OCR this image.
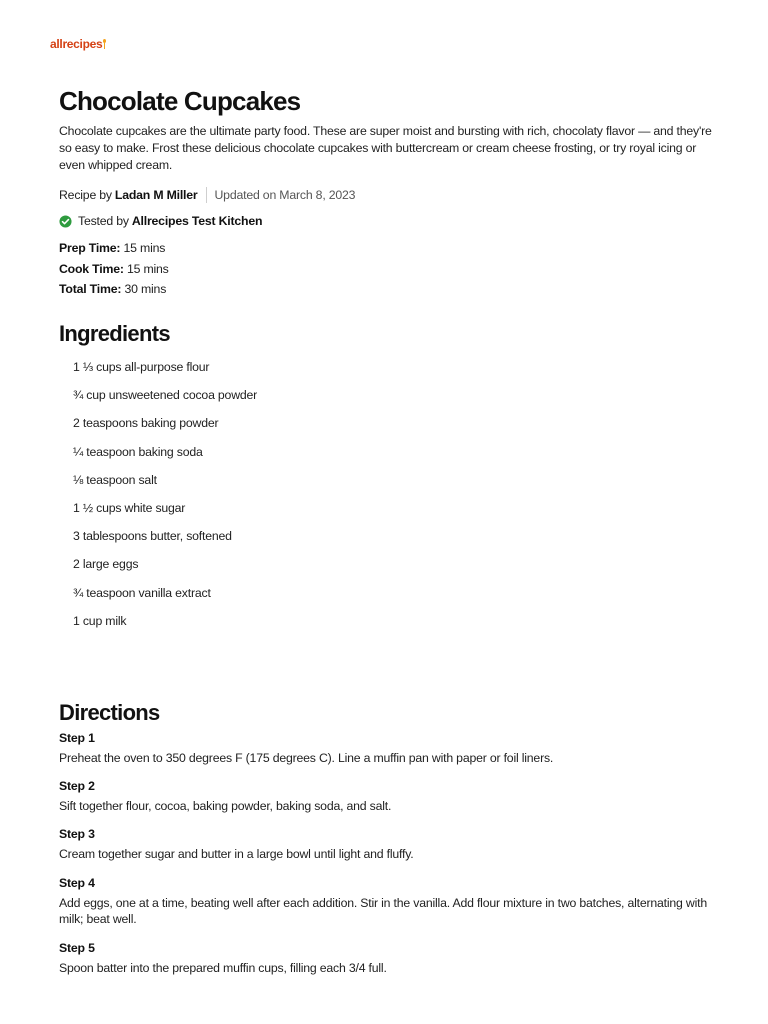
allrecipes
Chocolate Cupcakes

Chocolate cupcakes are the ultimate party food. These are super moist and bursting with rich, chocolaty flavor — and they're so easy to make. Frost these delicious chocolate cupcakes with buttercream or cream cheese frosting, or try royal icing or even whipped cream.

Recipe by Ladan M Miller Updated on March 8, 2023
Tested by Allrecipes Test Kitchen
Prep Time: 15 mins
Cook Time: 15 mins
Total Time: 30 mins
Ingredients
1 ⅓ cups all-purpose flour
¾ cup unsweetened cocoa powder
2 teaspoons baking powder
¼ teaspoon baking soda
⅛ teaspoon salt
1 ½ cups white sugar
3 tablespoons butter, softened
2 large eggs
¾ teaspoon vanilla extract
1 cup milk
Directions

Step 1

Preheat the oven to 350 degrees F (175 degrees C). Line a muffin pan with paper or foil liners.

Step 2

Sift together flour, cocoa, baking powder, baking soda, and salt.

Step 3

Cream together sugar and butter in a large bowl until light and fluffy.

Step 4

Add eggs, one at a time, beating well after each addition. Stir in the vanilla. Add flour mixture in two batches, alternating with milk; beat well.

Step 5

Spoon batter into the prepared muffin cups, filling each 3/4 full.
